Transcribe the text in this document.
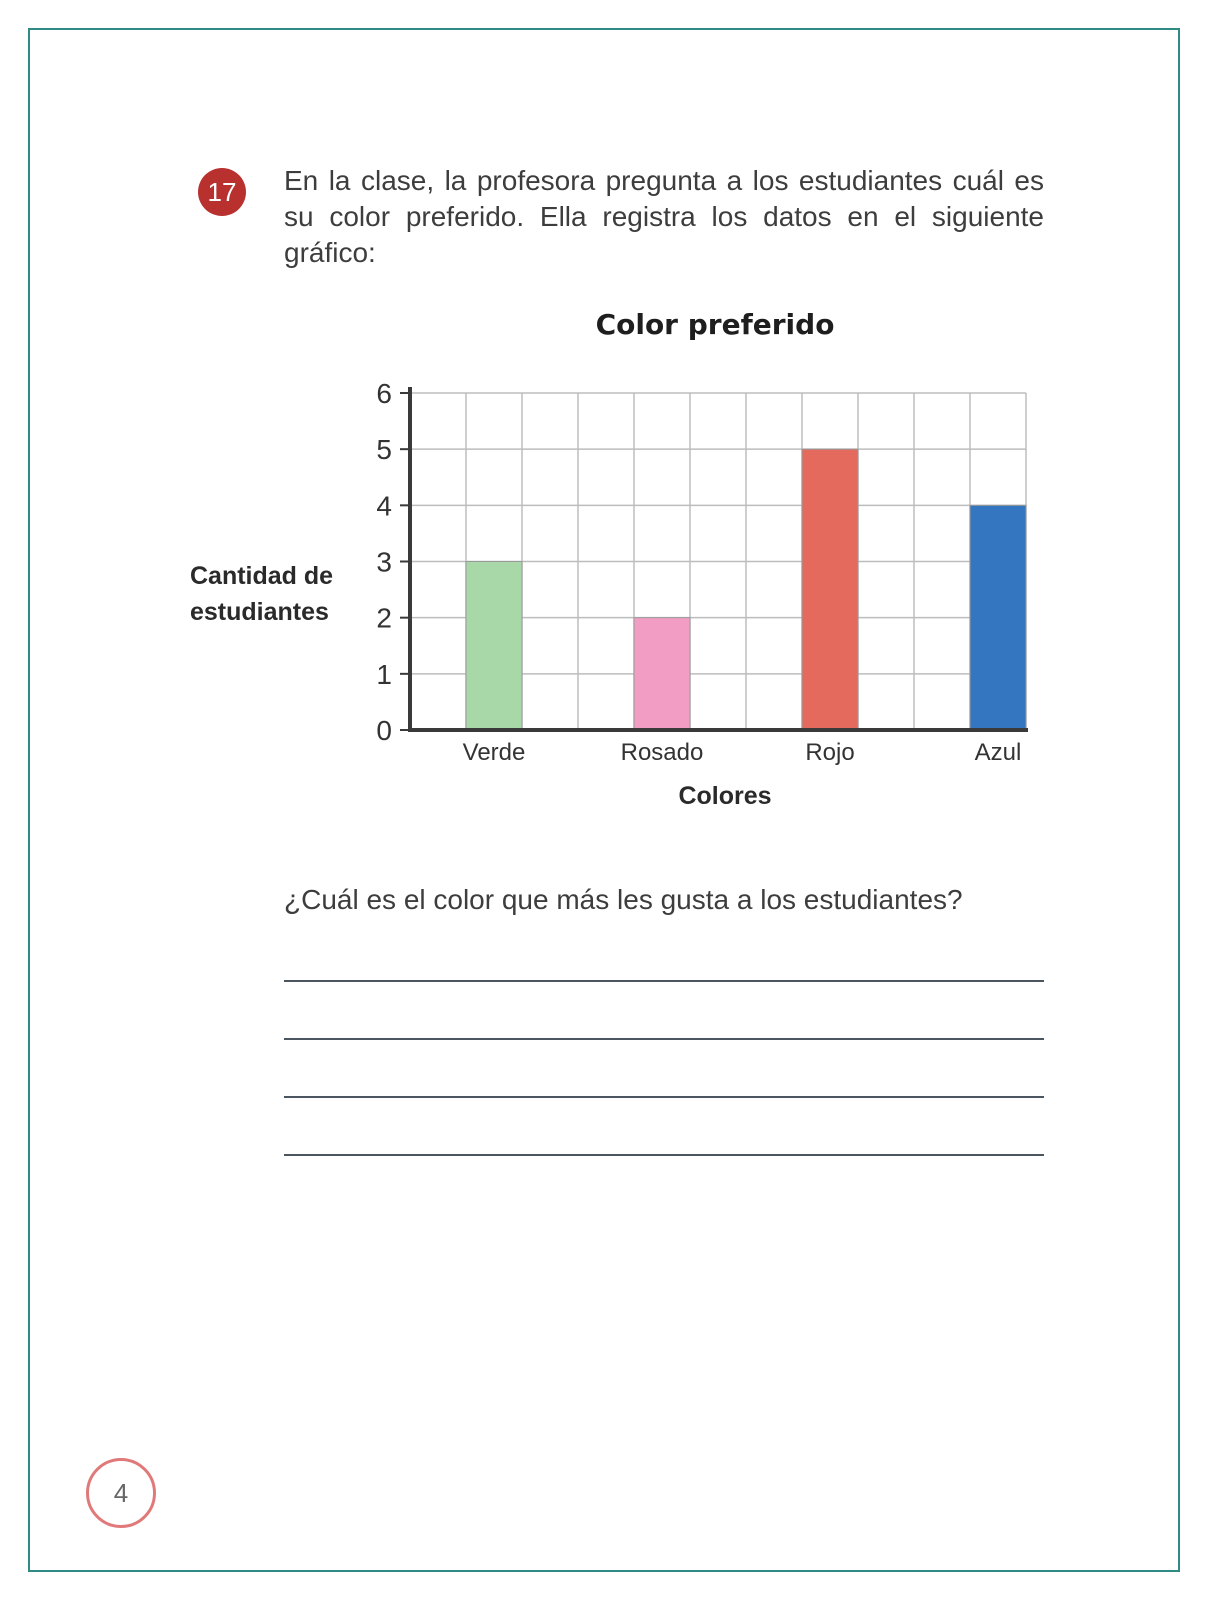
17 En la clase, la profesora pregunta a los estudiantes cuál es su color preferido. Ella registra los datos en el siguiente gráfico:

Color preferido

Cantidad de estudiantes

Colores

0
1
2
3
4
5
6
Verde	Rosado	Rojo	Azul

¿Cuál es el color que más les gusta a los estudiantes?

4
